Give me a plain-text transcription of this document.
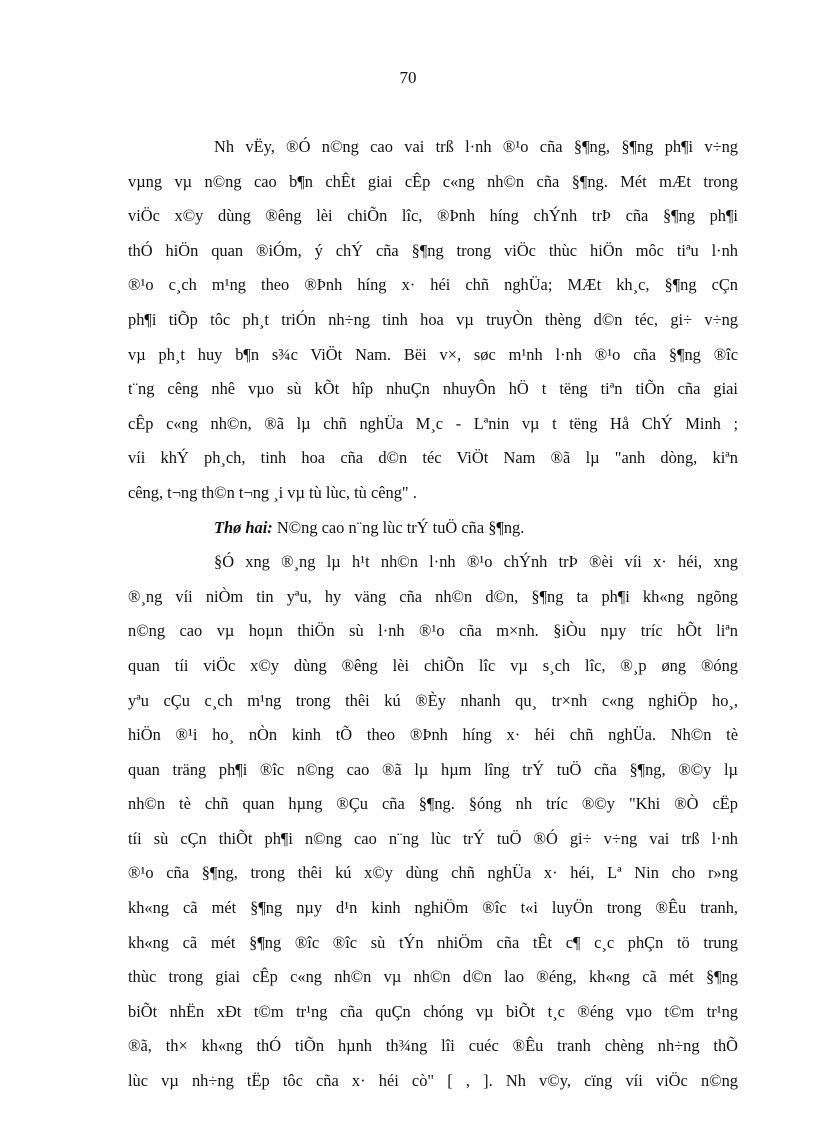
70
Nh vËy, ®Ó n©ng cao vai trß l·nh ®¹o cña §¶ng, §¶ng ph¶i v÷ng
vµng vµ n©ng cao b¶n chÊt giai cÊp c«ng nh©n cña §¶ng. Mét mÆt trong
viÖc x©y dùng ®êng lèi chiÕn lîc, ®Þnh híng chÝnh trÞ cña §¶ng ph¶i
thÓ hiÖn quan ®iÓm, ý chÝ cña §¶ng trong viÖc thùc hiÖn môc tiªu l·nh
®¹o c¸ch m¹ng theo ®Þnh híng x· héi chñ nghÜa; MÆt kh¸c, §¶ng cÇn
ph¶i tiÕp tôc ph¸t triÓn nh÷ng tinh hoa vµ truyÒn thèng d©n téc, gi÷ v÷ng
vµ ph¸t huy b¶n s¾c ViÖt Nam. Bëi v×, søc m¹nh l·nh ®¹o cña §¶ng ®îc
t¨ng cêng nhê vµo sù kÕt hîp nhuÇn nhuyÔn hÖ t tëng tiªn tiÕn cña giai
cÊp c«ng nh©n, ®ã lµ chñ nghÜa M¸c - Lªnin vµ t tëng Hå ChÝ Minh ;
víi khÝ ph¸ch, tinh hoa cña d©n téc ViÖt Nam ®ã lµ "anh dòng, kiªn
cêng, t¬ng th©n t¬ng ¸i vµ tù lùc, tù cêng" .
Thø hai: N©ng cao n¨ng lùc trÝ tuÖ cña §¶ng.
§Ó xng ®¸ng lµ h¹t nh©n l·nh ®¹o chÝnh trÞ ®èi víi x· héi, xng
®¸ng víi niÒm tin yªu, hy väng cña nh©n d©n, §¶ng ta ph¶i kh«ng ngõng
n©ng cao vµ hoµn thiÖn sù l·nh ®¹o cña m×nh. §iÒu nµy tríc hÕt liªn
quan tíi viÖc x©y dùng ®êng lèi chiÕn lîc vµ s¸ch lîc, ®¸p øng ®óng
yªu cÇu c¸ch m¹ng trong thêi kú ®Èy nhanh qu¸ tr×nh c«ng nghiÖp ho¸,
hiÖn ®¹i ho¸ nÒn kinh tÕ theo ®Þnh híng x· héi chñ nghÜa. Nh©n tè
quan träng ph¶i ®îc n©ng cao ®ã lµ hµm lîng trÝ tuÖ cña §¶ng, ®©y lµ
nh©n tè chñ quan hµng ®Çu cña §¶ng. §óng nh tríc ®©y "Khi ®Ò cËp
tíi sù cÇn thiÕt ph¶i n©ng cao n¨ng lùc trÝ tuÖ ®Ó gi÷ v÷ng vai trß l·nh
®¹o cña §¶ng, trong thêi kú x©y dùng chñ nghÜa x· héi, Lª Nin cho r»ng
kh«ng cã mét §¶ng nµy d¹n kinh nghiÖm ®îc t«i luyÖn trong ®Êu tranh,
kh«ng cã mét §¶ng ®îc ®îc sù tÝn nhiÖm cña tÊt c¶ c¸c phÇn tö trung
thùc trong giai cÊp c«ng nh©n vµ nh©n d©n lao ®éng, kh«ng cã mét §¶ng
biÕt nhËn xÐt t©m tr¹ng cña quÇn chóng vµ biÕt t¸c ®éng vµo t©m tr¹ng
®ã, th× kh«ng thÓ tiÕn hµnh th¾ng lîi cuéc ®Êu tranh chèng nh÷ng thÕ
lùc vµ nh÷ng tËp tôc cña x· héi cò" [ , ]. Nh v©y, cïng víi viÖc n©ng
